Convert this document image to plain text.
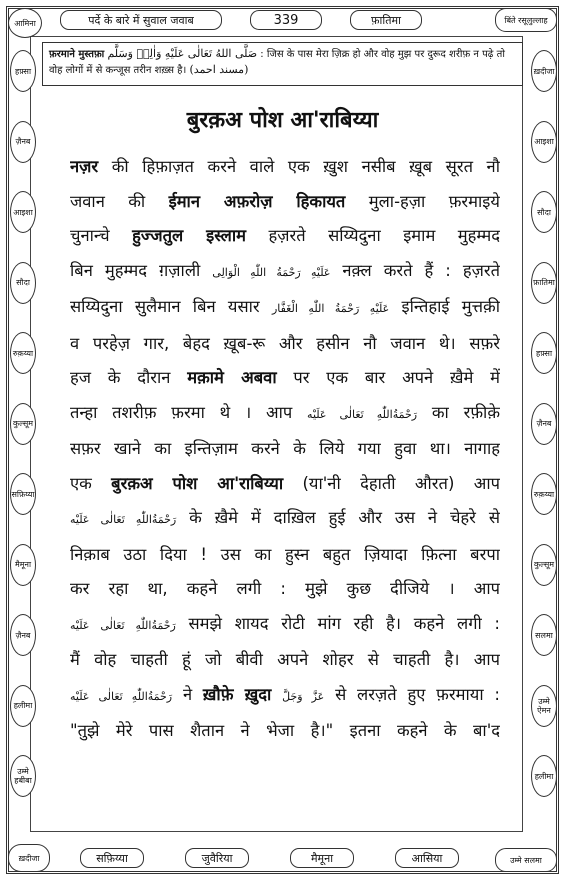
हफ़्सा
ज़ैनब
आइशा
सौदा
रुक़य्या
कुल्सूम
सफ़िय्या
मैमूना
ज़ैनब
हलीमा
उम्मे हबीबा
ख़दीजा
आइशा
सौदा
फ़ातिमा
हफ़्सा
ज़ैनब
रुक़य्या
कुल्सूम
सलमा
उम्मे ऐमन
हलीमा
आमिना	बिंते रसूलुल्लाह
ख़दीजा	उम्मे सलमा
पर्दे के बारे में सुवाल जवाब	339	फ़ातिमा
सफ़िय्या	जुवैरिया	मैमूना	आसिया
फ़रमाने मुस्तफ़ा صَلَّى اللهُ تَعَالٰی عَلَيْهِ وَاٰلِهٖ وَسَلَّم : जिस के पास मेरा ज़िक्र हो और वोह मुझ पर दुरूद शरीफ़ न पढ़े तो वोह लोगों में से कन्जूस तरीन शख़्स है। (مسند احمد)
बुरक़अ पोश आ'राबिय्या
नज़र की हिफ़ाज़त करने वाले एक ख़ुश नसीब ख़ूब सूरत नौ
जवान की ईमान अफ़रोज़ हिकायत मुला-हज़ा फ़रमाइये
चुनान्चे हुज्जतुल इस्लाम हज़रते सय्यिदुना इमाम मुहम्मद
बिन मुहम्मद ग़ज़ाली عَلَیْهِ رَحْمَةُ اللّٰهِ الْوَالِی नक़्ल करते हैं : हज़रते
सय्यिदुना सुलैमान बिन यसार عَلَیْهِ رَحْمَةُ اللّٰهِ الْغَفَّار इन्तिहाई मुत्तक़ी
व परहेज़ गार, बेहद ख़ूब-रू और हसीन नौ जवान थे। सफ़रे
हज के दौरान मक़ामे अबवा पर एक बार अपने ख़ैमे में
तन्हा तशरीफ़ फ़रमा थे । आप رَحْمَةُاللّٰهِ تَعَالٰى عَلَيْه का रफ़ीक़े
सफ़र खाने का इन्तिज़ाम करने के लिये गया हुवा था। नागाह
एक बुरक़अ पोश आ'राबिय्या (या'नी देहाती औरत) आप
رَحْمَةُاللّٰهِ تَعَالٰى عَلَيْه के ख़ैमे में दाख़िल हुई और उस ने चेहरे से
निक़ाब उठा दिया ! उस का हुस्न बहुत ज़ियादा फ़ित्ना बरपा
कर रहा था, कहने लगी : मुझे कुछ दीजिये । आप
رَحْمَةُاللّٰهِ تَعَالٰى عَلَيْه समझे शायद रोटी मांग रही है। कहने लगी :
मैं वोह चाहती हूं जो बीवी अपने शोहर से चाहती है। आप
رَحْمَةُاللّٰهِ تَعَالٰى عَلَيْه ने ख़ौफ़े ख़ुदा عَزَّ وَجَلَّ से लरज़ते हुए फ़रमाया :
"तुझे मेरे पास शैतान ने भेजा है।" इतना कहने के बा'द
